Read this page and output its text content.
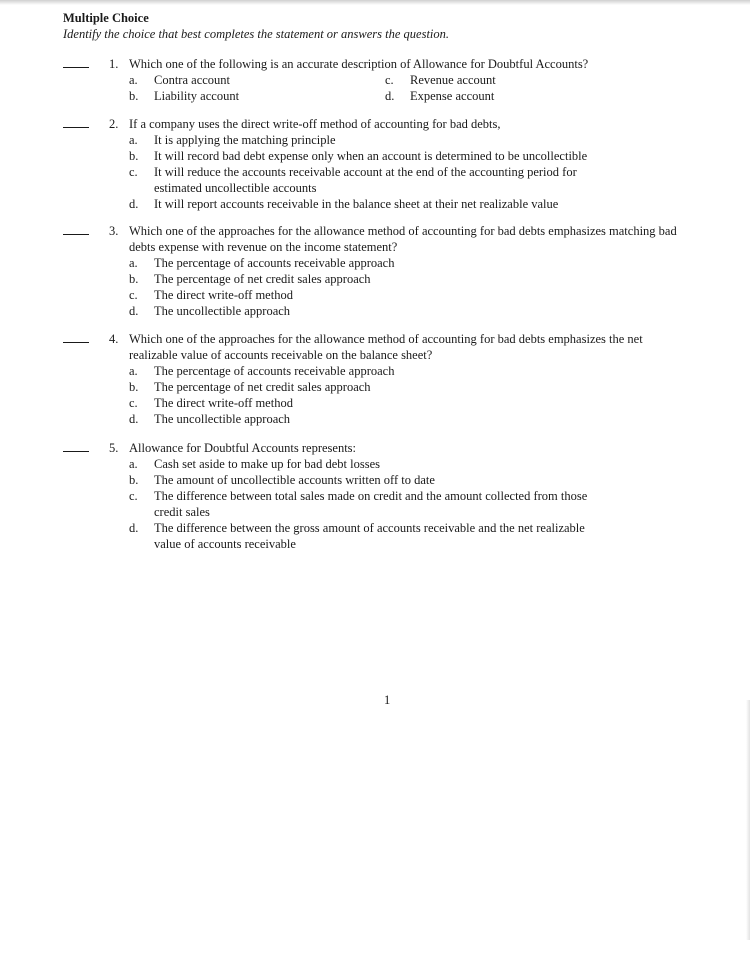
Multiple Choice
Identify the choice that best completes the statement or answers the question.
1. Which one of the following is an accurate description of Allowance for Doubtful Accounts?
a. Contra account
b. Liability account
c. Revenue account
d. Expense account
2. If a company uses the direct write-off method of accounting for bad debts,
a. It is applying the matching principle
b. It will record bad debt expense only when an account is determined to be uncollectible
c. It will reduce the accounts receivable account at the end of the accounting period for
estimated uncollectible accounts
d. It will report accounts receivable in the balance sheet at their net realizable value
3. Which one of the approaches for the allowance method of accounting for bad debts emphasizes matching bad
debts expense with revenue on the income statement?
a. The percentage of accounts receivable approach
b. The percentage of net credit sales approach
c. The direct write-off method
d. The uncollectible approach
4. Which one of the approaches for the allowance method of accounting for bad debts emphasizes the net
realizable value of accounts receivable on the balance sheet?
a. The percentage of accounts receivable approach
b. The percentage of net credit sales approach
c. The direct write-off method
d. The uncollectible approach
5. Allowance for Doubtful Accounts represents:
a. Cash set aside to make up for bad debt losses
b. The amount of uncollectible accounts written off to date
c. The difference between total sales made on credit and the amount collected from those
credit sales
d. The difference between the gross amount of accounts receivable and the net realizable
value of accounts receivable
1
